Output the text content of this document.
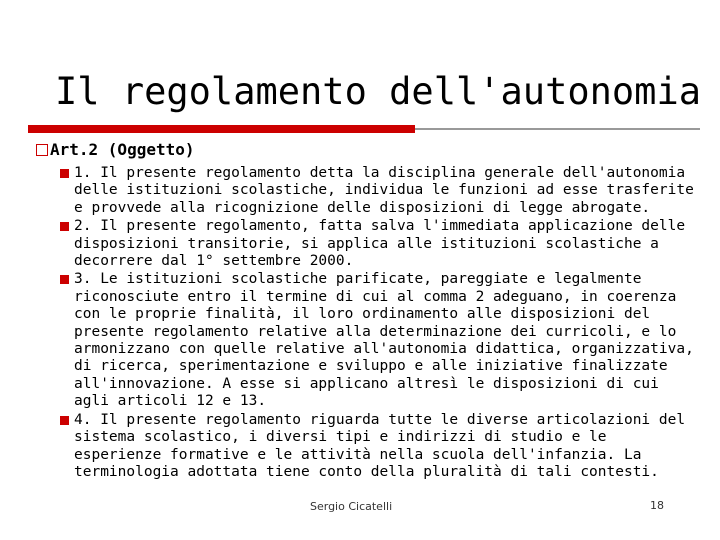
Il regolamento dell'autonomia
Art.2 (Oggetto)
1. Il presente regolamento detta la disciplina generale dell'autonomia delle istituzioni scolastiche, individua le funzioni ad esse trasferite e provvede alla ricognizione delle disposizioni di legge abrogate.
2. Il presente regolamento, fatta salva l'immediata applicazione delle disposizioni transitorie, si applica alle istituzioni scolastiche a decorrere dal 1° settembre 2000.
3. Le istituzioni scolastiche parificate, pareggiate e legalmente riconosciute entro il termine di cui al comma 2 adeguano, in coerenza con le proprie finalità, il loro ordinamento alle disposizioni del presente regolamento relative alla determinazione dei curricoli, e lo armonizzano con quelle relative all'autonomia didattica, organizzativa, di ricerca, sperimentazione e sviluppo e alle iniziative finalizzate all'innovazione. A esse si applicano altresì le disposizioni di cui agli articoli 12 e 13.
4. Il presente regolamento riguarda tutte le diverse articolazioni del sistema scolastico, i diversi tipi e indirizzi di studio e le esperienze formative e le attività nella scuola dell'infanzia. La terminologia adottata tiene conto della pluralità di tali contesti.
Sergio Cicatelli	18
